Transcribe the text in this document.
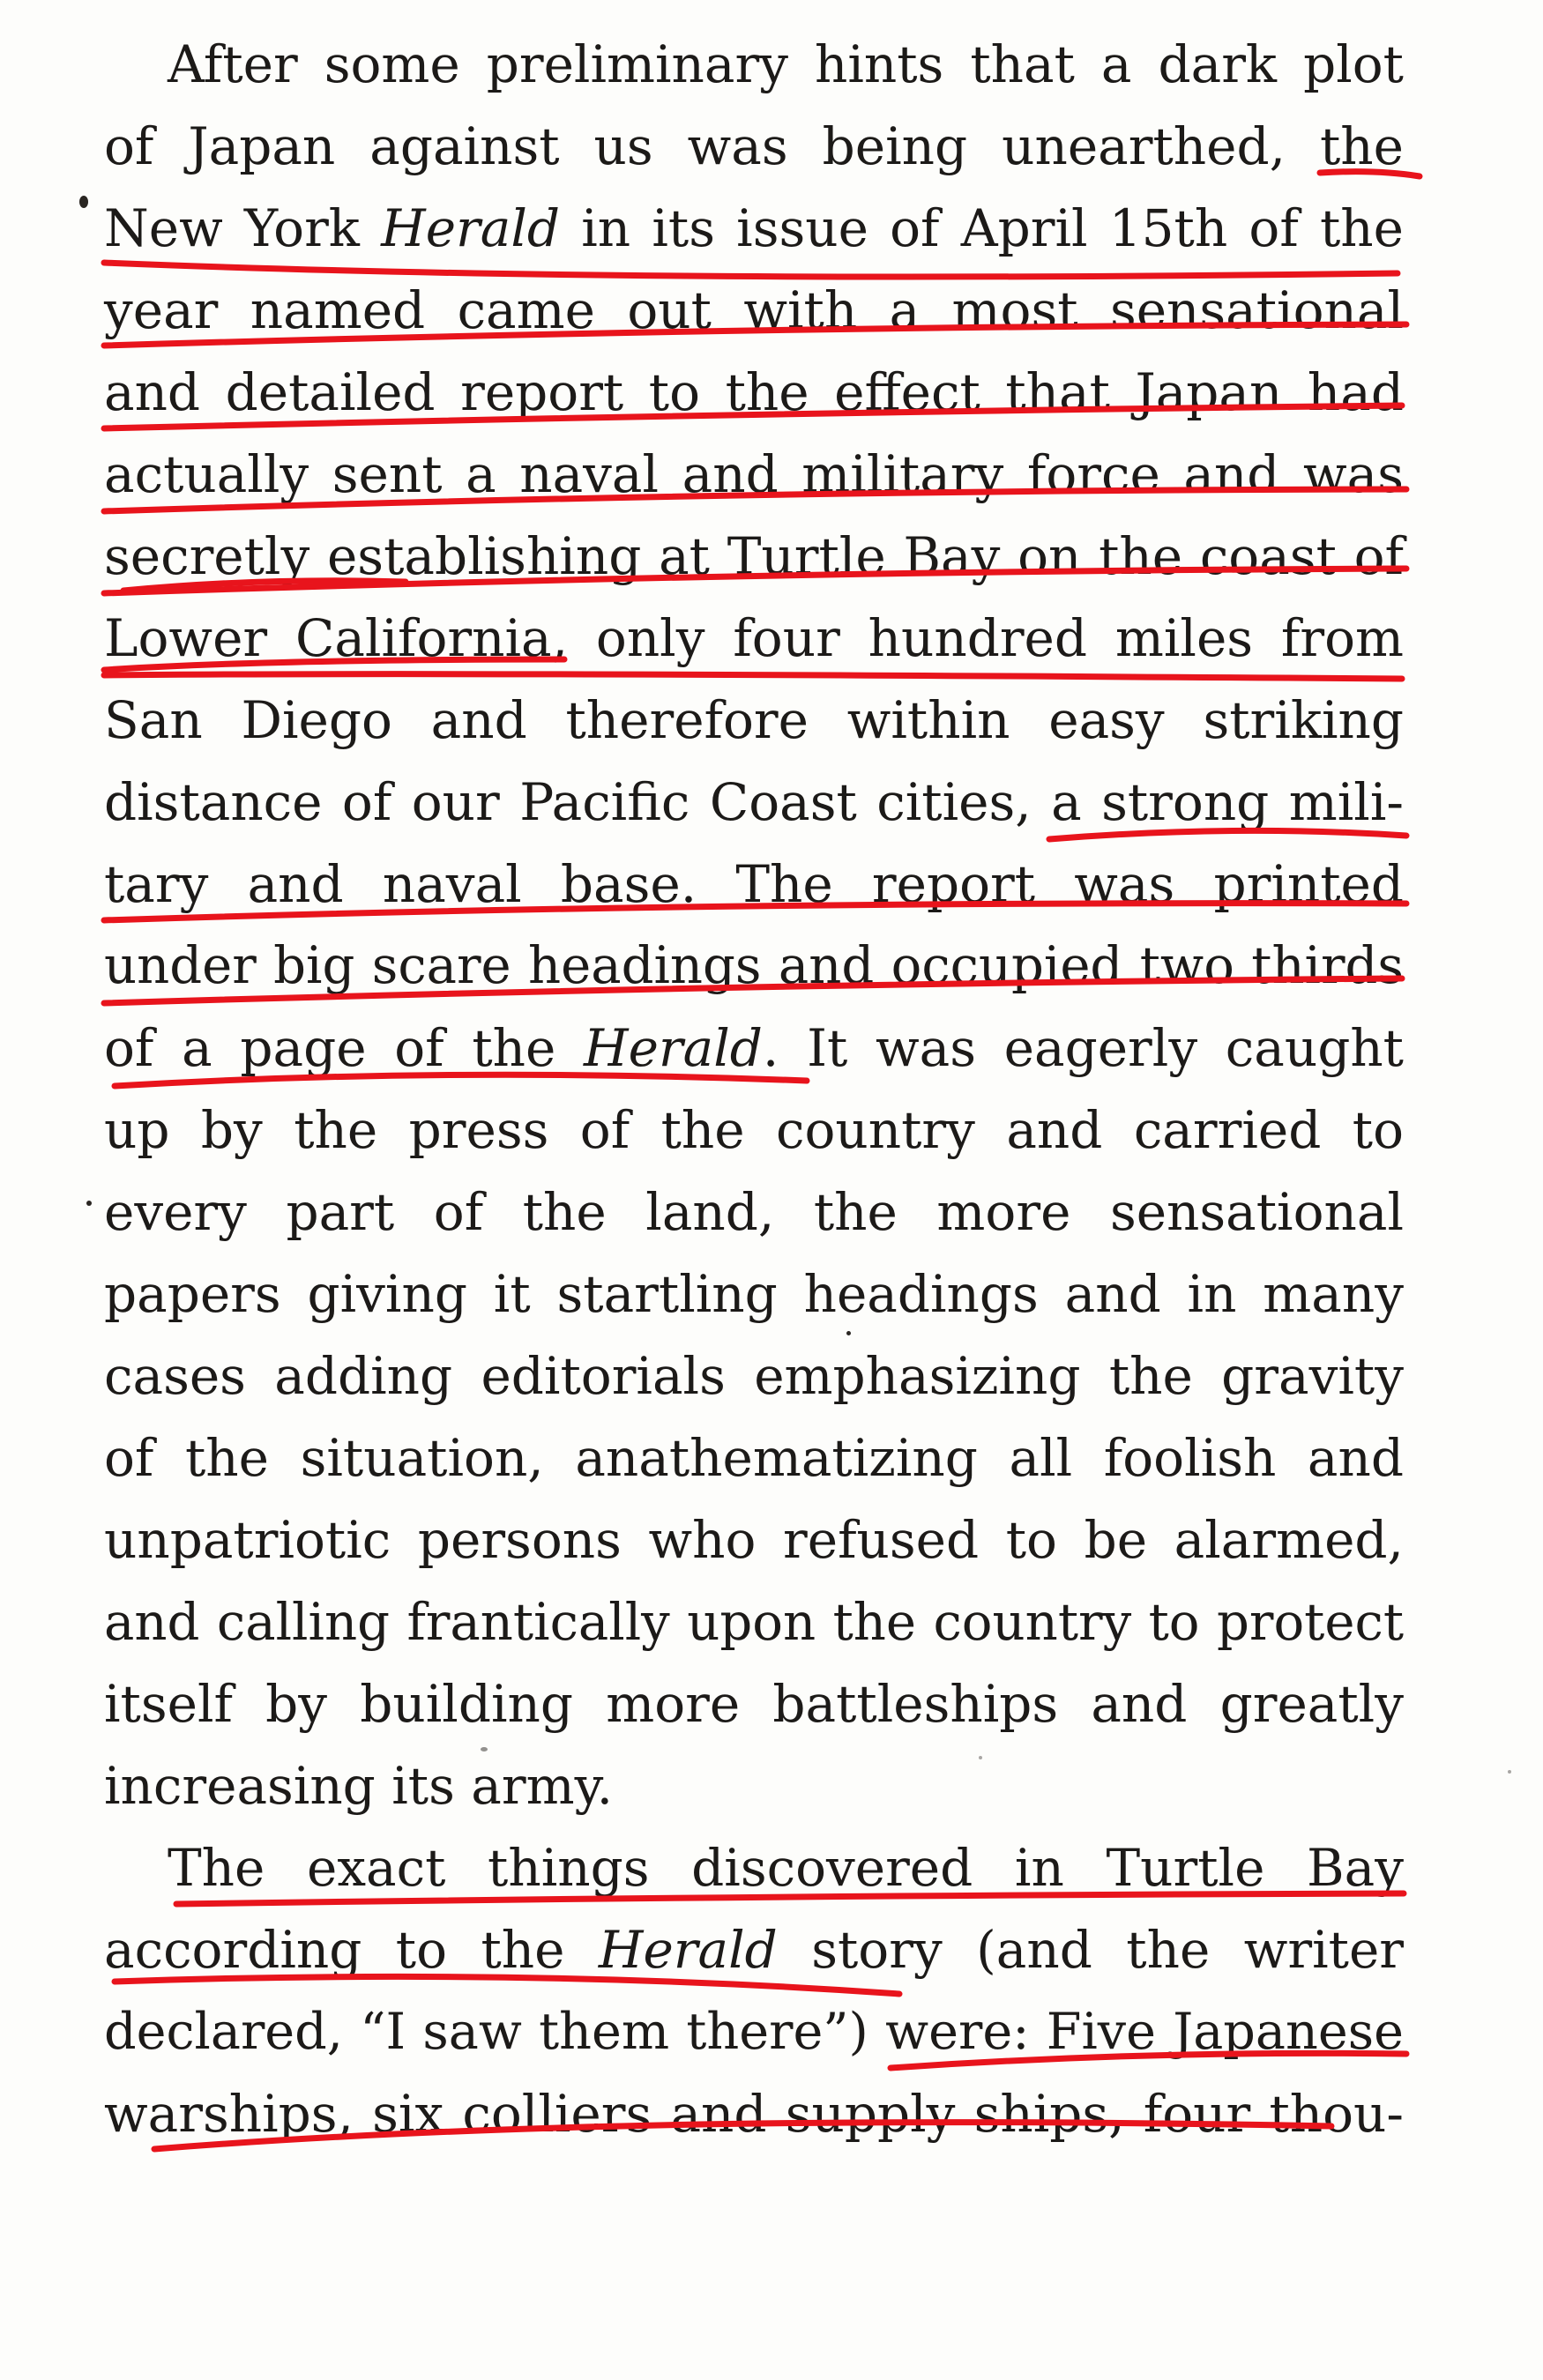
After some preliminary hints that a dark plot
of Japan against us was being unearthed, the
New York Herald in its issue of April 15th of the
year named came out with a most sensational
and detailed report to the effect that Japan had
actually sent a naval and military force and was
secretly establishing at Turtle Bay on the coast of
Lower California, only four hundred miles from
San Diego and therefore within easy striking
distance of our Pacific Coast cities, a strong mili-
tary and naval base. The report was printed
under big scare headings and occupied two thirds
of a page of the Herald. It was eagerly caught
up by the press of the country and carried to
every part of the land, the more sensational
papers giving it startling headings and in many
cases adding editorials emphasizing the gravity
of the situation, anathematizing all foolish and
unpatriotic persons who refused to be alarmed,
and calling frantically upon the country to protect
itself by building more battleships and greatly
increasing its army.
The exact things discovered in Turtle Bay
according to the Herald story (and the writer
declared, “I saw them there”) were: Five Japanese
warships, six colliers and supply ships, four thou-
